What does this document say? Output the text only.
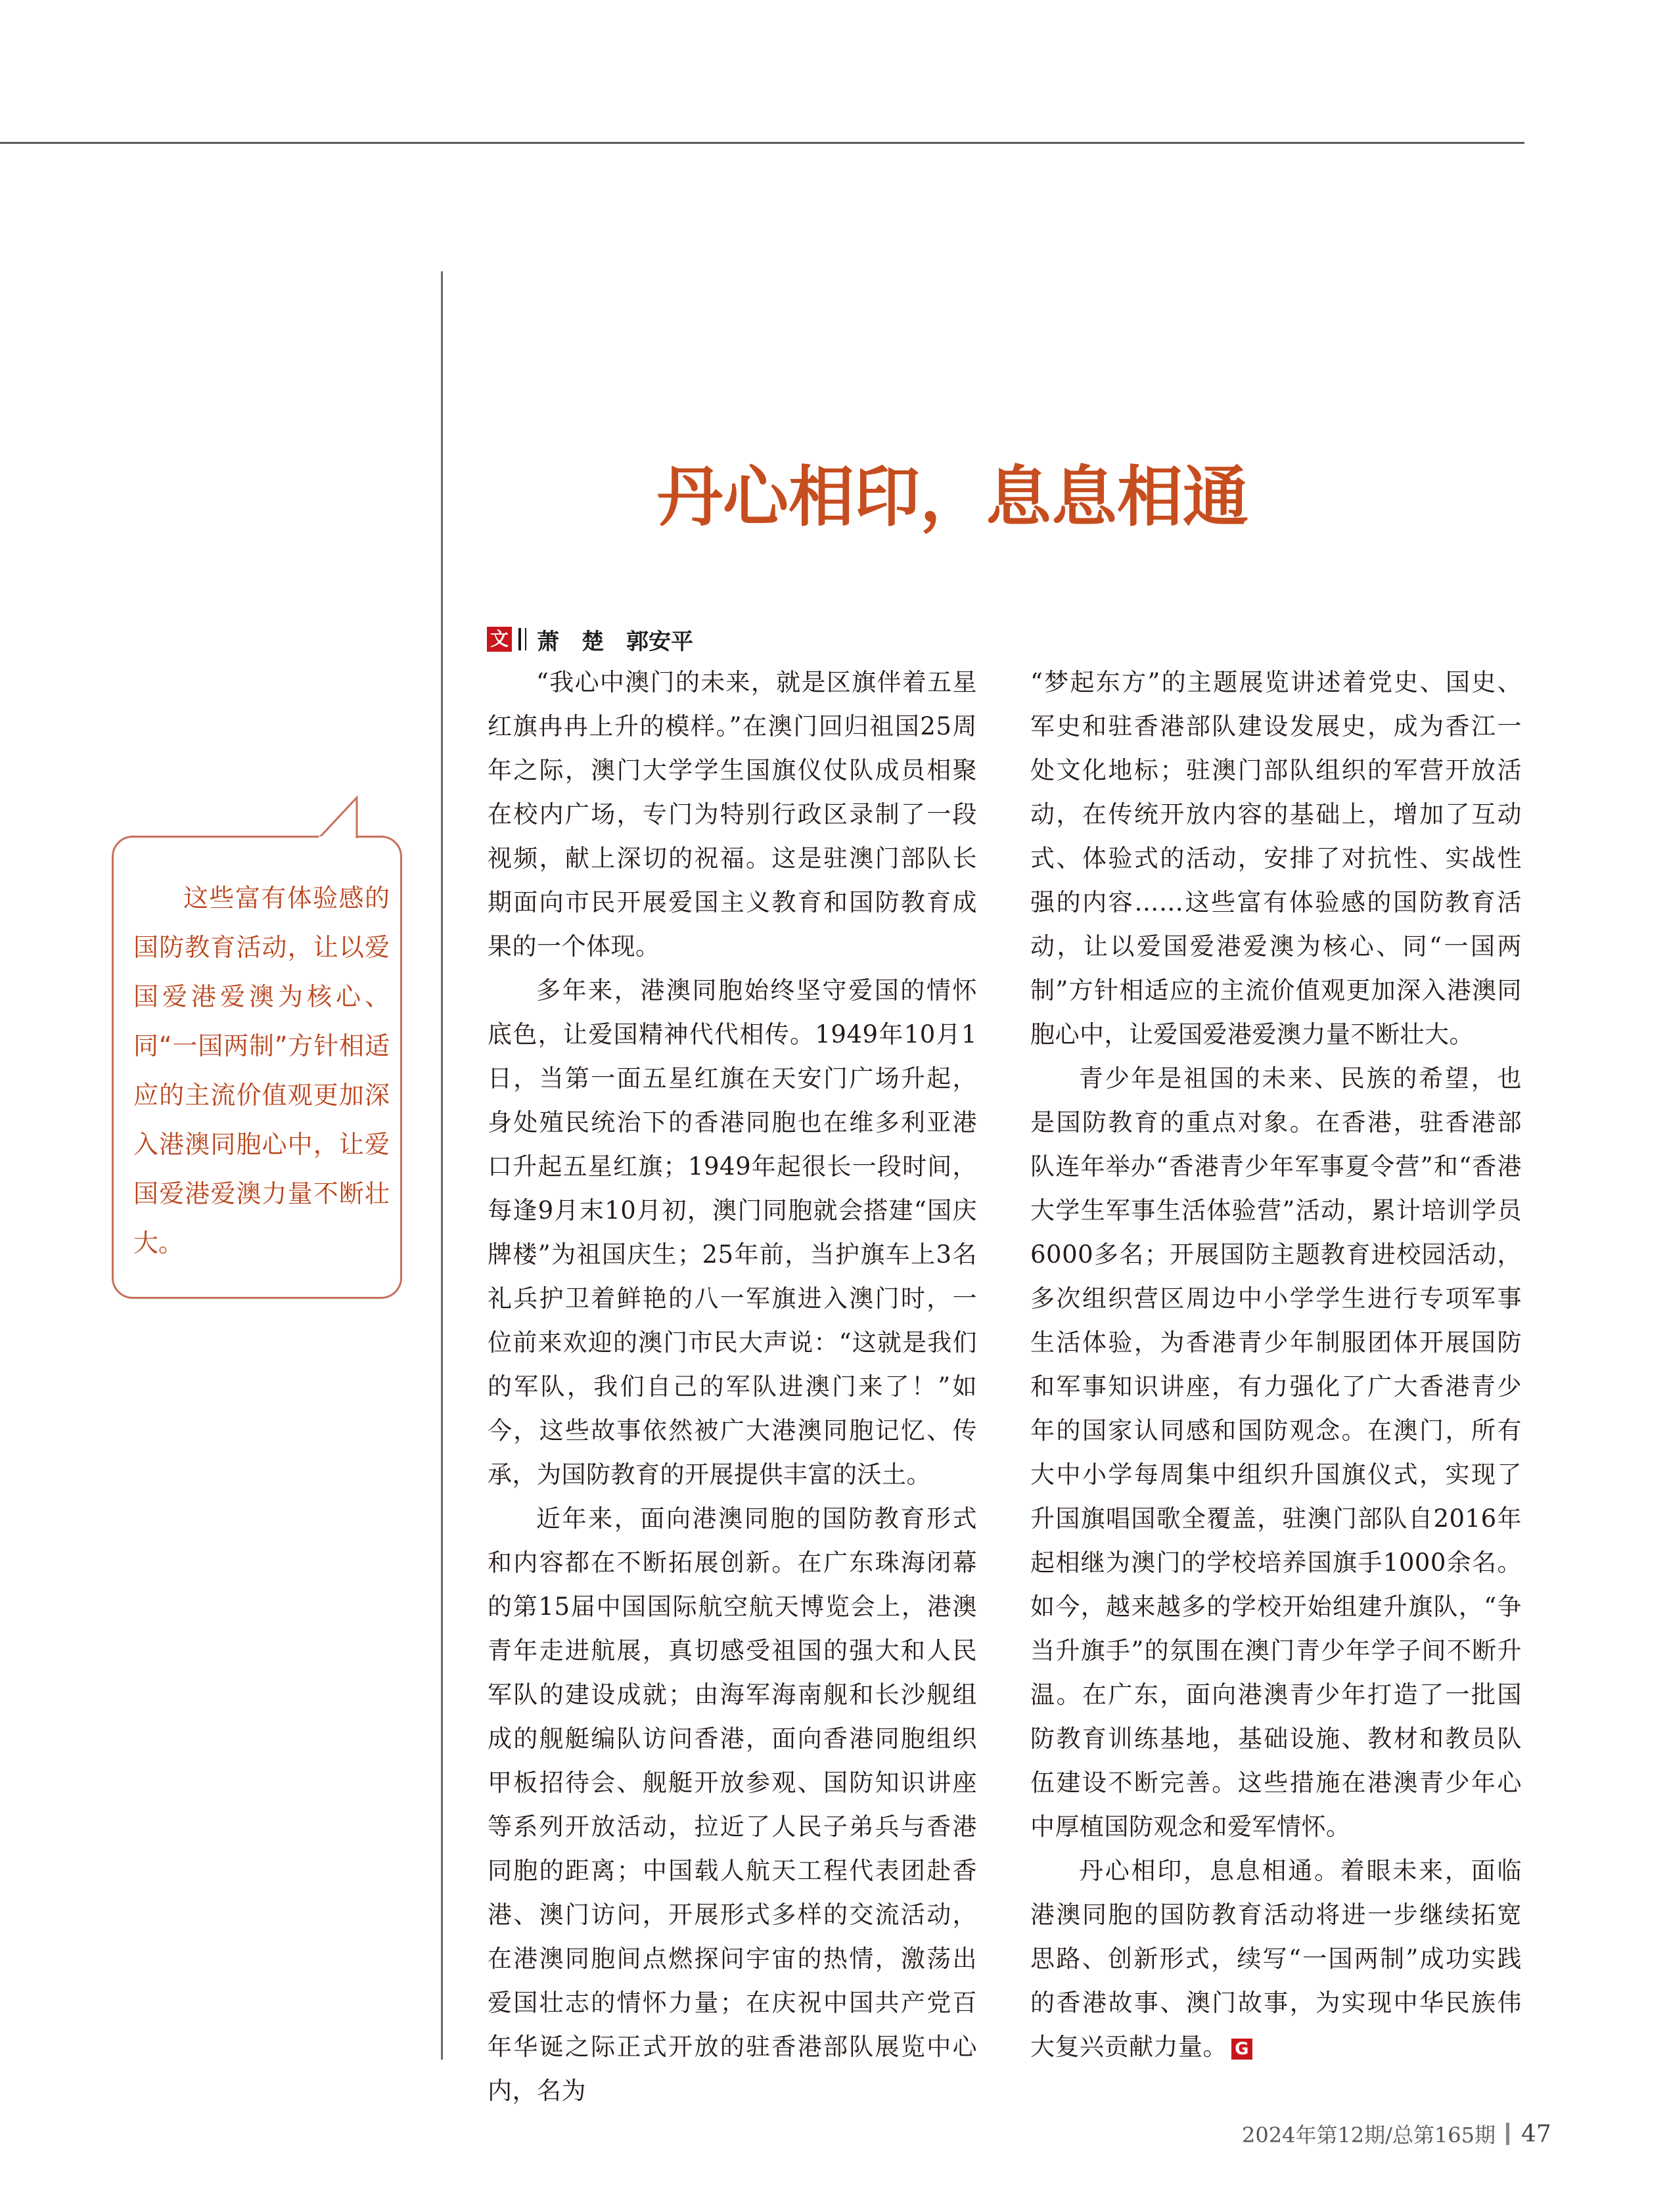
丹心相印，息息相通
文 萧　楚　郭安平
这些富有体验感的国防教育活动，让以爱国爱港爱澳为核心、同“一国两制”方针相适应的主流价值观更加深入港澳同胞心中，让爱国爱港爱澳力量不断壮大。

“我心中澳门的未来，就是区旗伴着五星红旗冉冉上升的模样。”在澳门回归祖国25周年之际，澳门大学学生国旗仪仗队成员相聚在校内广场，专门为特别行政区录制了一段视频，献上深切的祝福。这是驻澳门部队长期面向市民开展爱国主义教育和国防教育成果的一个体现。

多年来，港澳同胞始终坚守爱国的情怀底色，让爱国精神代代相传。1949年10月1日，当第一面五星红旗在天安门广场升起，身处殖民统治下的香港同胞也在维多利亚港口升起五星红旗；1949年起很长一段时间，每逢9月末10月初，澳门同胞就会搭建“国庆牌楼”为祖国庆生；25年前，当护旗车上3名礼兵护卫着鲜艳的八一军旗进入澳门时，一位前来欢迎的澳门市民大声说：“这就是我们的军队，我们自己的军队进澳门来了！”如今，这些故事依然被广大港澳同胞记忆、传承，为国防教育的开展提供丰富的沃土。

近年来，面向港澳同胞的国防教育形式和内容都在不断拓展创新。在广东珠海闭幕的第15届中国国际航空航天博览会上，港澳青年走进航展，真切感受祖国的强大和人民军队的建设成就；由海军海南舰和长沙舰组成的舰艇编队访问香港，面向香港同胞组织甲板招待会、舰艇开放参观、国防知识讲座等系列开放活动，拉近了人民子弟兵与香港同胞的距离；中国载人航天工程代表团赴香港、澳门访问，开展形式多样的交流活动，在港澳同胞间点燃探问宇宙的热情，激荡出爱国壮志的情怀力量；在庆祝中国共产党百年华诞之际正式开放的驻香港部队展览中心内，名为

“梦起东方”的主题展览讲述着党史、国史、军史和驻香港部队建设发展史，成为香江一处文化地标；驻澳门部队组织的军营开放活动，在传统开放内容的基础上，增加了互动式、体验式的活动，安排了对抗性、实战性强的内容……这些富有体验感的国防教育活动，让以爱国爱港爱澳为核心、同“一国两制”方针相适应的主流价值观更加深入港澳同胞心中，让爱国爱港爱澳力量不断壮大。

青少年是祖国的未来、民族的希望，也是国防教育的重点对象。在香港，驻香港部队连年举办“香港青少年军事夏令营”和“香港大学生军事生活体验营”活动，累计培训学员6000多名；开展国防主题教育进校园活动，多次组织营区周边中小学学生进行专项军事生活体验，为香港青少年制服团体开展国防和军事知识讲座，有力强化了广大香港青少年的国家认同感和国防观念。在澳门，所有大中小学每周集中组织升国旗仪式，实现了升国旗唱国歌全覆盖，驻澳门部队自2016年起相继为澳门的学校培养国旗手1000余名。如今，越来越多的学校开始组建升旗队，“争当升旗手”的氛围在澳门青少年学子间不断升温。在广东，面向港澳青少年打造了一批国防教育训练基地，基础设施、教材和教员队伍建设不断完善。这些措施在港澳青少年心中厚植国防观念和爱军情怀。

丹心相印，息息相通。着眼未来，面临港澳同胞的国防教育活动将进一步继续拓宽思路、创新形式，续写“一国两制”成功实践的香港故事、澳门故事，为实现中华民族伟大复兴贡献力量。 G

2024年第12期/总第165期 47
